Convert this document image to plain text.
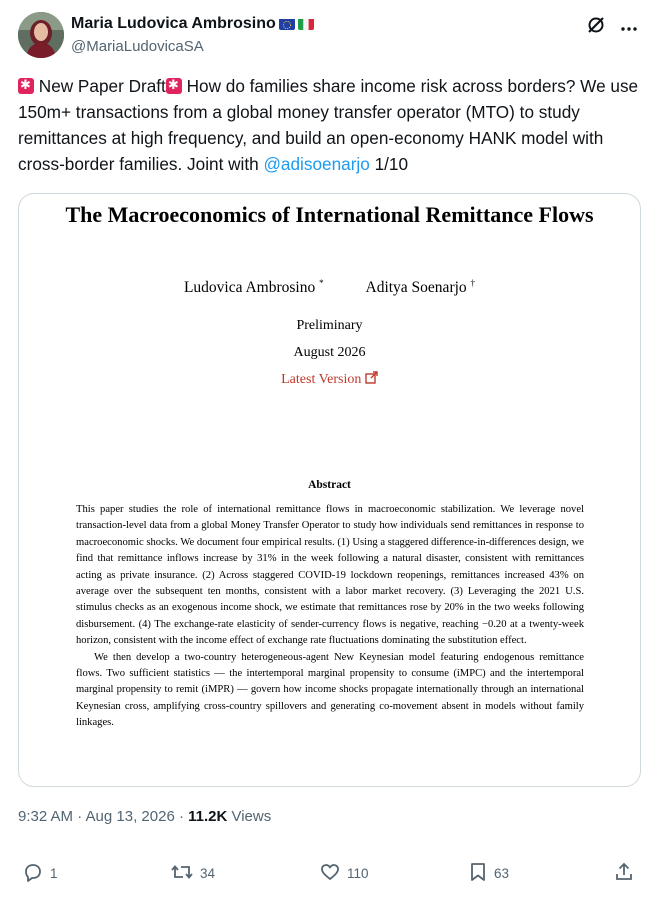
Maria Ludovica Ambrosino
@MariaLudovicaSA
✱ New Paper Draft✱ How do families share income risk across borders? We use 150m+ transactions from a global money transfer operator (MTO) to study remittances at high frequency, and build an open-economy HANK model with cross-border families. Joint with @adisoenarjo 1/10
The Macroeconomics of International Remittance Flows
Ludovica Ambrosino *	Aditya Soenarjo †
Preliminary
August 2026
Latest Version
Abstract

This paper studies the role of international remittance flows in macroeconomic stabilization. We leverage novel transaction-level data from a global Money Transfer Operator to study how individuals send remittances in response to macroeconomic shocks. We document four empirical results. (1) Using a staggered difference-in-differences design, we find that remittance inflows increase by 31% in the week following a natural disaster, consistent with remittances acting as private insurance. (2) Across staggered COVID-19 lockdown reopenings, remittances increased 43% on average over the subsequent ten months, consistent with a labor market recovery. (3) Leveraging the 2021 U.S. stimulus checks as an exogenous income shock, we estimate that remittances rose by 20% in the two weeks following disbursement. (4) The exchange-rate elasticity of sender-currency flows is negative, reaching −0.20 at a twenty-week horizon, consistent with the income effect of exchange rate fluctuations dominating the substitution effect.

We then develop a two-country heterogeneous-agent New Keynesian model featuring endogenous remittance flows. Two sufficient statistics — the intertemporal marginal propensity to consume (iMPC) and the intertemporal marginal propensity to remit (iMPR) — govern how income shocks propagate internationally through an international Keynesian cross, amplifying cross-country spillovers and generating co-movement absent in models without family linkages.

9:32 AM · Aug 13, 2026 · 11.2K Views
1	34	110	63
